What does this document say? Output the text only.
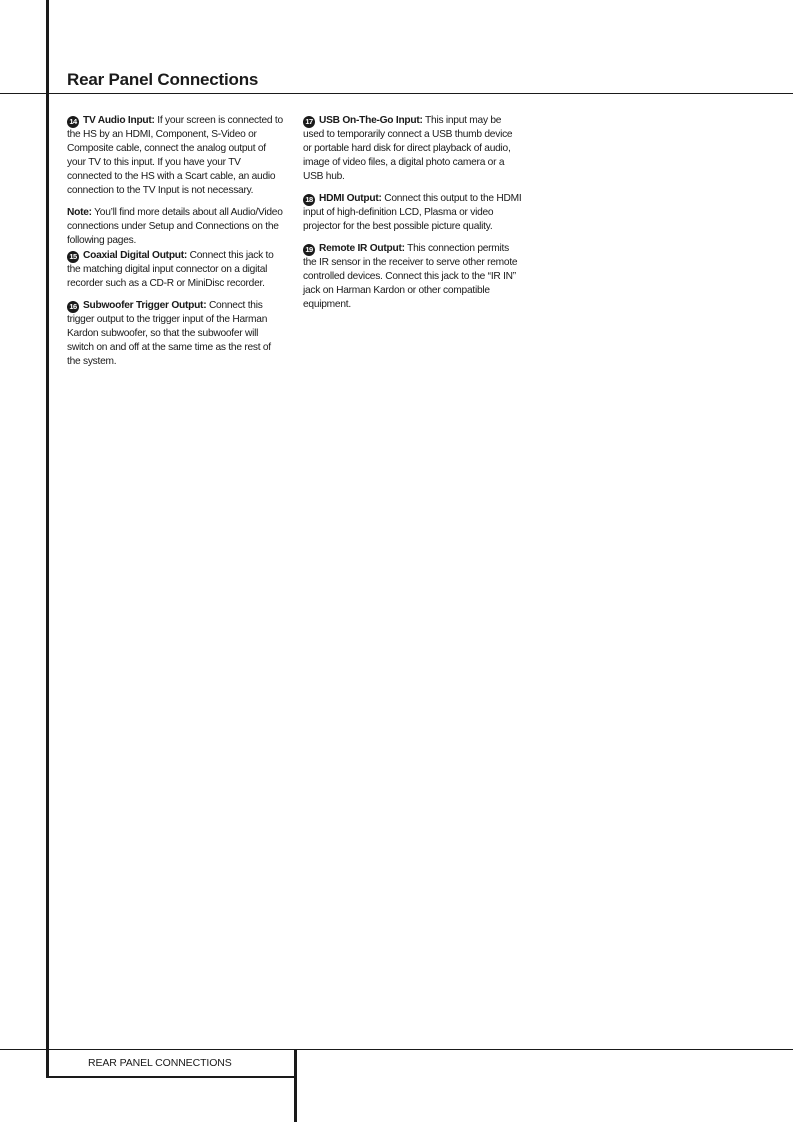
Rear Panel Connections

14 TV Audio Input: If your screen is connected to the HS by an HDMI, Component, S-Video or Composite cable, connect the analog output of your TV to this input. If you have your TV connected to the HS with a Scart cable, an audio connection to the TV Input is not necessary.

Note: You’ll find more details about all Audio/Video connections under Setup and Connections on the following pages.

15 Coaxial Digital Output: Connect this jack to the matching digital input connector on a digital recorder such as a CD-R or MiniDisc recorder.

16 Subwoofer Trigger Output: Connect this trigger output to the trigger input of the Harman Kardon subwoofer, so that the subwoofer will switch on and off at the same time as the rest of the system.

17 USB On-The-Go Input: This input may be used to temporarily connect a USB thumb device or portable hard disk for direct playback of audio, image of video files, a digital photo camera or a USB hub.

18 HDMI Output: Connect this output to the HDMI input of high-definition LCD, Plasma or video projector for the best possible picture quality.

19 Remote IR Output: This connection permits the IR sensor in the receiver to serve other remote controlled devices. Connect this jack to the “IR IN” jack on Harman Kardon or other compatible equipment.

REAR PANEL CONNECTIONS
